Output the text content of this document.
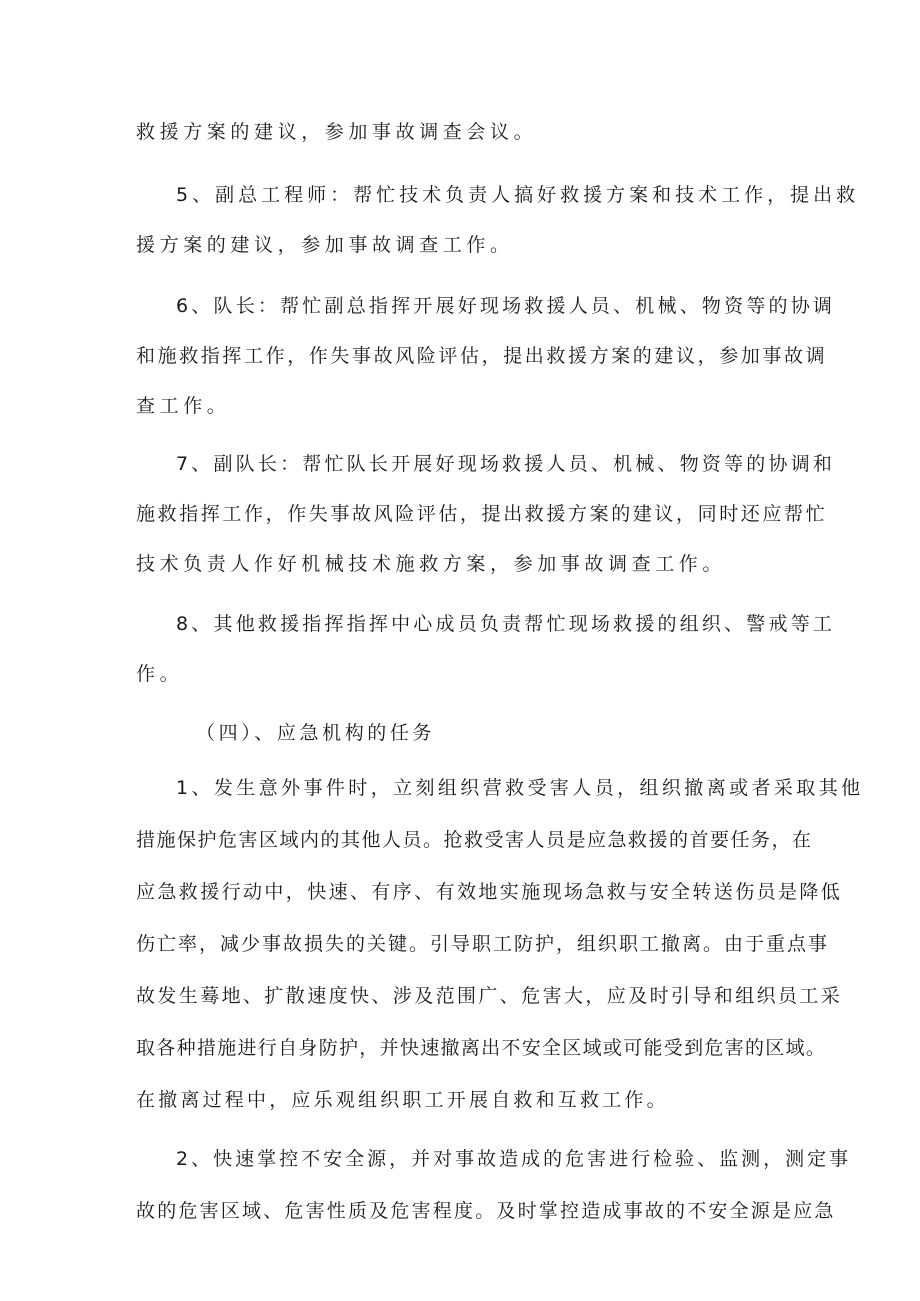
救援方案的建议，参加事故调查会议。
5、副总工程师：帮忙技术负责人搞好救援方案和技术工作，提出救
援方案的建议，参加事故调查工作。
6、队长：帮忙副总指挥开展好现场救援人员、机械、物资等的协调
和施救指挥工作，作失事故风险评估，提出救援方案的建议，参加事故调
查工作。
7、副队长：帮忙队长开展好现场救援人员、机械、物资等的协调和
施救指挥工作，作失事故风险评估，提出救援方案的建议，同时还应帮忙
技术负责人作好机械技术施救方案，参加事故调查工作。
8、其他救援指挥指挥中心成员负责帮忙现场救援的组织、警戒等工
作。
（四）、应急机构的任务
1、发生意外事件时，立刻组织营救受害人员，组织撤离或者采取其他
措施保护危害区域内的其他人员。抢救受害人员是应急救援的首要任务，在
应急救援行动中，快速、有序、有效地实施现场急救与安全转送伤员是降低
伤亡率，减少事故损失的关键。引导职工防护，组织职工撤离。由于重点事
故发生蓦地、扩散速度快、涉及范围广、危害大，应及时引导和组织员工采
取各种措施进行自身防护，并快速撤离出不安全区域或可能受到危害的区域。
在撤离过程中，应乐观组织职工开展自救和互救工作。
2、快速掌控不安全源，并对事故造成的危害进行检验、监测，测定事
故的危害区域、危害性质及危害程度。及时掌控造成事故的不安全源是应急
